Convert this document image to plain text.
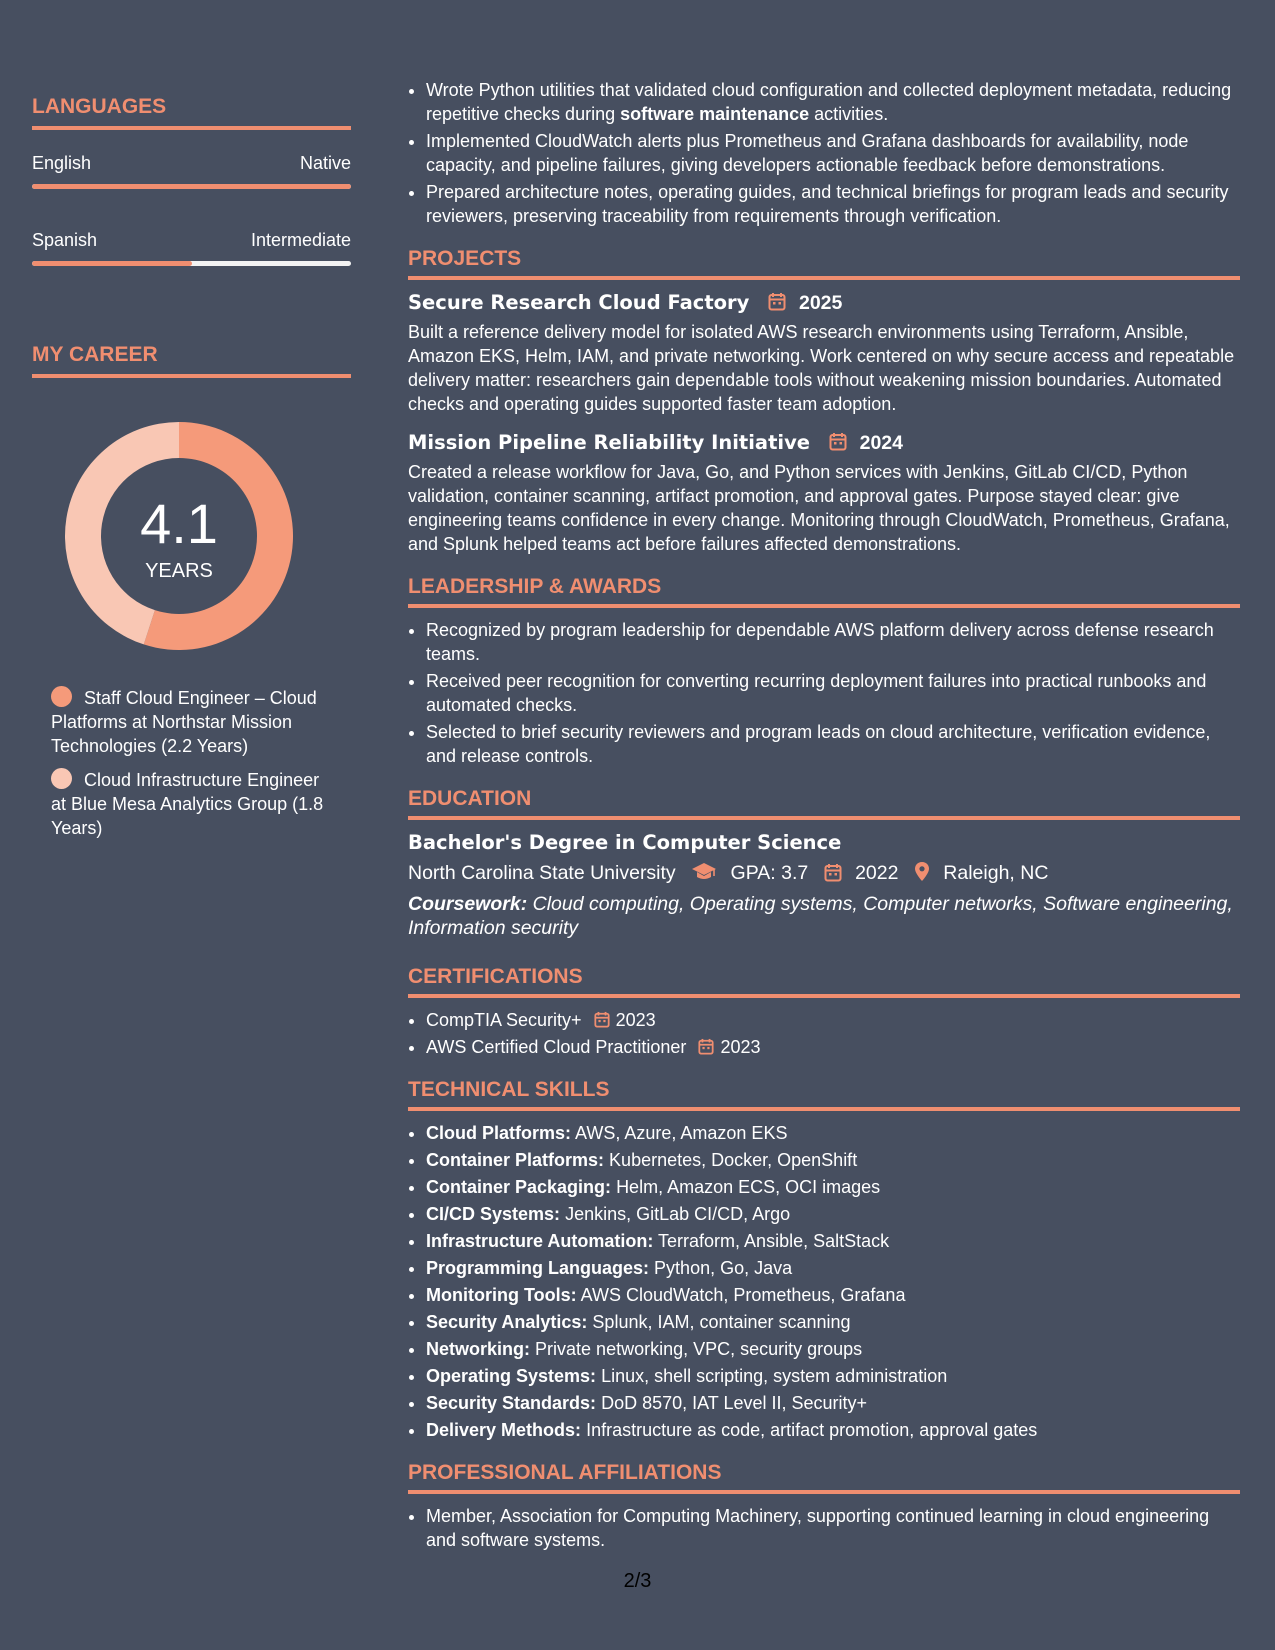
LANGUAGES
English	Native
Spanish	Intermediate
MY CAREER
4.1
YEARS
Staff Cloud Engineer – Cloud Platforms at Northstar Mission Technologies (2.2 Years)
Cloud Infrastructure Engineer at Blue Mesa Analytics Group (1.8 Years)
• Wrote Python utilities that validated cloud configuration and collected deployment metadata, reducing repetitive checks during software maintenance activities.
• Implemented CloudWatch alerts plus Prometheus and Grafana dashboards for availability, node capacity, and pipeline failures, giving developers actionable feedback before demonstrations.
• Prepared architecture notes, operating guides, and technical briefings for program leads and security reviewers, preserving traceability from requirements through verification.
PROJECTS
Secure Research Cloud Factory	2025
Built a reference delivery model for isolated AWS research environments using Terraform, Ansible, Amazon EKS, Helm, IAM, and private networking. Work centered on why secure access and repeatable delivery matter: researchers gain dependable tools without weakening mission boundaries. Automated checks and operating guides supported faster team adoption.
Mission Pipeline Reliability Initiative	2024
Created a release workflow for Java, Go, and Python services with Jenkins, GitLab CI/CD, Python validation, container scanning, artifact promotion, and approval gates. Purpose stayed clear: give engineering teams confidence in every change. Monitoring through CloudWatch, Prometheus, Grafana, and Splunk helped teams act before failures affected demonstrations.
LEADERSHIP & AWARDS
• Recognized by program leadership for dependable AWS platform delivery across defense research teams.
• Received peer recognition for converting recurring deployment failures into practical runbooks and automated checks.
• Selected to brief security reviewers and program leads on cloud architecture, verification evidence, and release controls.
EDUCATION
Bachelor's Degree in Computer Science
North Carolina State University	GPA: 3.7 2022 Raleigh, NC
Coursework: Cloud computing, Operating systems, Computer networks, Software engineering, Information security
CERTIFICATIONS
• CompTIA Security+ 2023
• AWS Certified Cloud Practitioner 2023
TECHNICAL SKILLS
• Cloud Platforms: AWS, Azure, Amazon EKS
• Container Platforms: Kubernetes, Docker, OpenShift
• Container Packaging: Helm, Amazon ECS, OCI images
• CI/CD Systems: Jenkins, GitLab CI/CD, Argo
• Infrastructure Automation: Terraform, Ansible, SaltStack
• Programming Languages: Python, Go, Java
• Monitoring Tools: AWS CloudWatch, Prometheus, Grafana
• Security Analytics: Splunk, IAM, container scanning
• Networking: Private networking, VPC, security groups
• Operating Systems: Linux, shell scripting, system administration
• Security Standards: DoD 8570, IAT Level II, Security+
• Delivery Methods: Infrastructure as code, artifact promotion, approval gates
PROFESSIONAL AFFILIATIONS
• Member, Association for Computing Machinery, supporting continued learning in cloud engineering and software systems.
2/3
